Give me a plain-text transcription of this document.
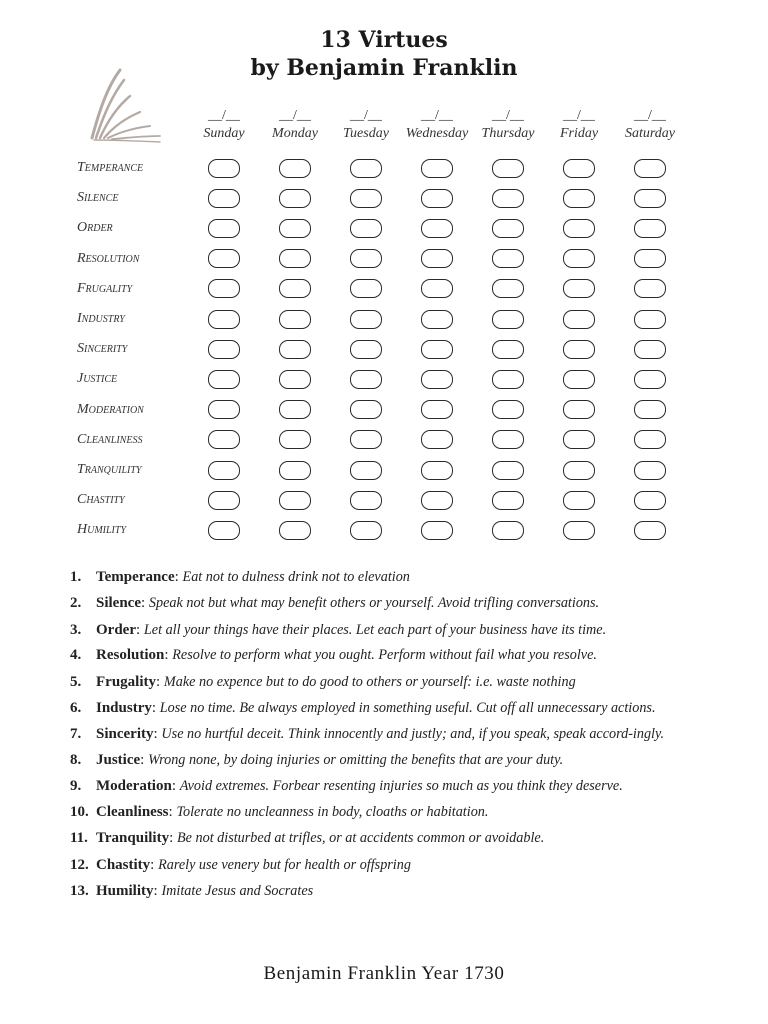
13 Virtues
by Benjamin Franklin
__/__
Sunday
__/__
Monday
__/__
Tuesday
__/__
Wednesday
__/__
Thursday
__/__
Friday
__/__
Saturday
Temperance
Silence
Order
Resolution
Frugality
Industry
Sincerity
Justice
Moderation
Cleanliness
Tranquility
Chastity
Humility
1. Temperance: Eat not to dulness drink not to elevation
2. Silence: Speak not but what may benefit others or yourself. Avoid trifling conversations.
3. Order: Let all your things have their places. Let each part of your business have its time.
4. Resolution: Resolve to perform what you ought. Perform without fail what you resolve.
5. Frugality: Make no expence but to do good to others or yourself: i.e. waste nothing
6. Industry: Lose no time. Be always employed in something useful. Cut off all unnecessary actions.
7. Sincerity: Use no hurtful deceit. Think innocently and justly; and, if you speak, speak accord-ingly.
8. Justice: Wrong none, by doing injuries or omitting the benefits that are your duty.
9. Moderation: Avoid extremes. Forbear resenting injuries so much as you think they deserve.
10. Cleanliness: Tolerate no uncleanness in body, cloaths or habitation.
11. Tranquility: Be not disturbed at trifles, or at accidents common or avoidable.
12. Chastity: Rarely use venery but for health or offspring
13. Humility: Imitate Jesus and Socrates
Benjamin Franklin Year 1730
